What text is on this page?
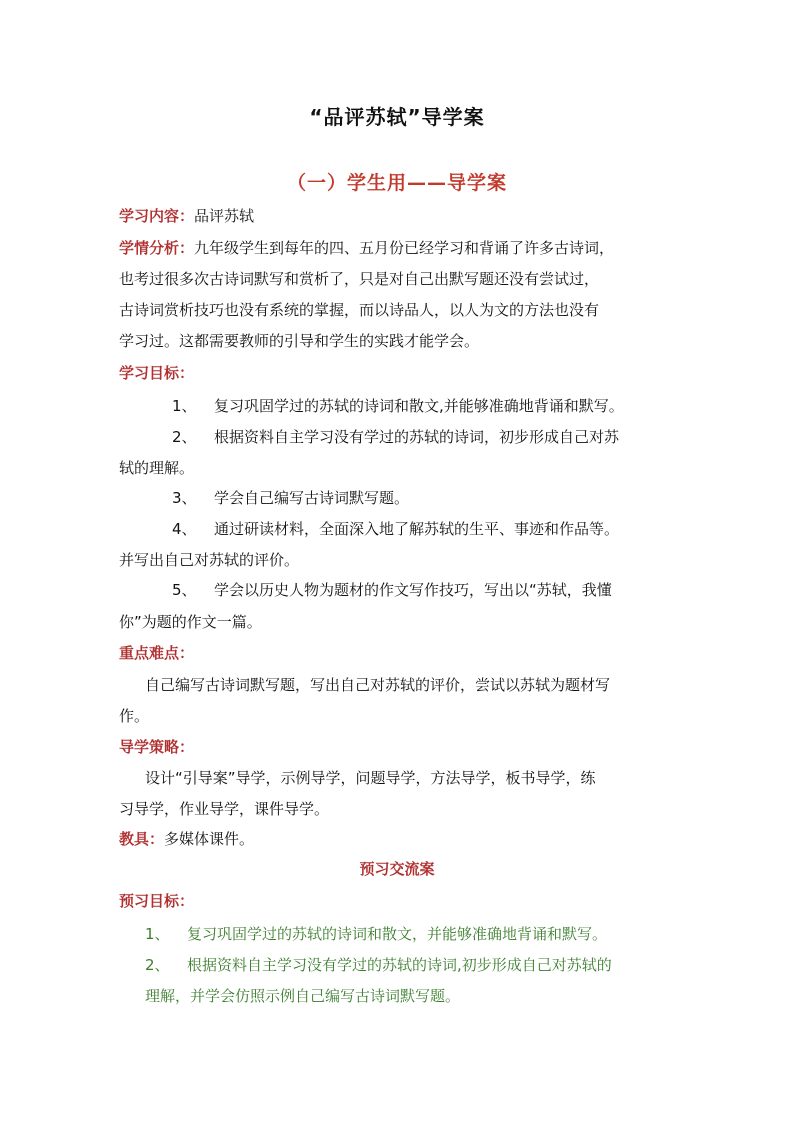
“品评苏轼”导学案
（一）学生用——导学案
学习内容：品评苏轼
学情分析：九年级学生到每年的四、五月份已经学习和背诵了许多古诗词，
也考过很多次古诗词默写和赏析了，只是对自己出默写题还没有尝试过，
古诗词赏析技巧也没有系统的掌握，而以诗品人，以人为文的方法也没有
学习过。这都需要教师的引导和学生的实践才能学会。
学习目标：
1、 复习巩固学过的苏轼的诗词和散文,并能够准确地背诵和默写。
2、 根据资料自主学习没有学过的苏轼的诗词，初步形成自己对苏
轼的理解。
3、 学会自己编写古诗词默写题。
4、 通过研读材料，全面深入地了解苏轼的生平、事迹和作品等。
并写出自己对苏轼的评价。
5、 学会以历史人物为题材的作文写作技巧，写出以“苏轼，我懂
你”为题的作文一篇。
重点难点：
自己编写古诗词默写题，写出自己对苏轼的评价，尝试以苏轼为题材写
作。
导学策略：
设计“引导案”导学，示例导学，问题导学，方法导学，板书导学，练
习导学，作业导学，课件导学。
教具：多媒体课件。
预习交流案
预习目标：
1、 复习巩固学过的苏轼的诗词和散文，并能够准确地背诵和默写。
2、 根据资料自主学习没有学过的苏轼的诗词,初步形成自己对苏轼的
理解，并学会仿照示例自己编写古诗词默写题。
